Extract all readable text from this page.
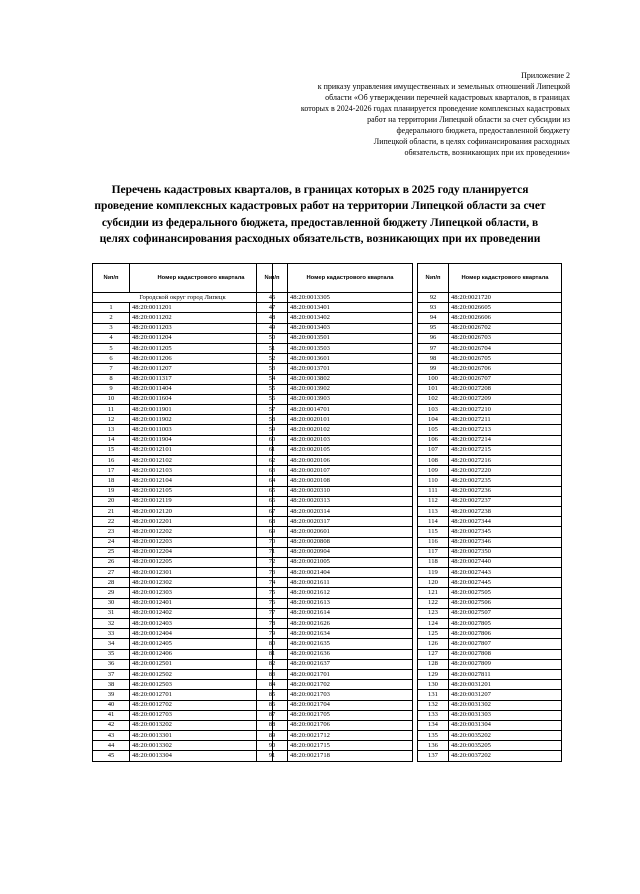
Приложение 2
к приказу управления имущественных и земельных отношений Липецкой
области «Об утверждении перечней кадастровых кварталов, в границах
которых в 2024-2026 годах планируется проведение комплексных кадастровых
работ на территории Липецкой области за счет субсидии из
федерального бюджета, предоставленной бюджету
Липецкой области, в целях софинансирования расходных
обязательств, возникающих при их проведении»
Перечень кадастровых кварталов, в границах которых в 2025 году планируется проведение комплексных кадастровых работ на территории Липецкой области за счет субсидии из федерального бюджета, предоставленной бюджету Липецкой области, в целях софинансирования расходных обязательств, возникающих при их проведении
№п/п	Номер кадастрового квартала
Городской округ город Липецк	
1	48:20:0011201
2	48:20:0011202
3	48:20:0011203
4	48:20:0011204
5	48:20:0011205
6	48:20:0011206
7	48:20:0011207
8	48:20:0011317
9	48:20:0011404
10	48:20:0011604
11	48:20:0011901
12	48:20:0011902
13	48:20:0011003
14	48:20:0011904
15	48:20:0012101
16	48:20:0012102
17	48:20:0012103
18	48:20:0012104
19	48:20:0012105
20	48:20:0012119
21	48:20:0012120
22	48:20:0012201
23	48:20:0012202
24	48:20:0012203
25	48:20:0012204
26	48:20:0012205
27	48:20:0012301
28	48:20:0012302
29	48:20:0012303
30	48:20:0012401
31	48:20:0012402
32	48:20:0012403
33	48:20:0012404
34	48:20:0012405
35	48:20:0012406
36	48:20:0012501
37	48:20:0012502
38	48:20:0012503
39	48:20:0012701
40	48:20:0012702
41	48:20:0012703
42	48:20:0013202
43	48:20:0013301
44	48:20:0013302
45	48:20:0013304
№п/п	Номер кадастрового квартала
46	48:20:0013305
47	48:20:0013401
48	48:20:0013402
49	48:20:0013403
50	48:20:0013501
51	48:20:0013503
52	48:20:0013601
53	48:20:0013701
54	48:20:0013802
55	48:20:0013902
56	48:20:0013903
57	48:20:0014701
58	48:20:0020101
59	48:20:0020102
60	48:20:0020103
61	48:20:0020105
62	48:20:0020106
63	48:20:0020107
64	48:20:0020108
65	48:20:0020310
66	48:20:0020313
67	48:20:0020314
68	48:20:0020317
69	48:20:0020601
70	48:20:0020808
71	48:20:0020904
72	48:20:0021005
73	48:20:0021404
74	48:20:0021611
75	48:20:0021612
76	48:20:0021613
77	48:20:0021614
78	48:20:0021626
79	48:20:0021634
80	48:20:0021635
81	48:20:0021636
82	48:20:0021637
83	48:20:0021701
84	48:20:0021702
85	48:20:0021703
86	48:20:0021704
87	48:20:0021705
88	48:20:0021706
89	48:20:0021712
90	48:20:0021715
91	48:20:0021718
№п/п	Номер кадастрового квартала
92	48:20:0021720
93	48:20:0026605
94	48:20:0026606
95	48:20:0026702
96	48:20:0026703
97	48:20:0026704
98	48:20:0026705
99	48:20:0026706
100	48:20:0026707
101	48:20:0027208
102	48:20:0027209
103	48:20:0027210
104	48:20:0027211
105	48:20:0027213
106	48:20:0027214
107	48:20:0027215
108	48:20:0027216
109	48:20:0027220
110	48:20:0027235
111	48:20:0027236
112	48:20:0027237
113	48:20:0027238
114	48:20:0027344
115	48:20:0027345
116	48:20:0027346
117	48:20:0027350
118	48:20:0027440
119	48:20:0027443
120	48:20:0027445
121	48:20:0027505
122	48:20:0027506
123	48:20:0027507
124	48:20:0027805
125	48:20:0027806
126	48:20:0027807
127	48:20:0027808
128	48:20:0027809
129	48:20:0027811
130	48:20:0031201
131	48:20:0031207
132	48:20:0031302
133	48:20:0031303
134	48:20:0031304
135	48:20:0035202
136	48:20:0035205
137	48:20:0037202
